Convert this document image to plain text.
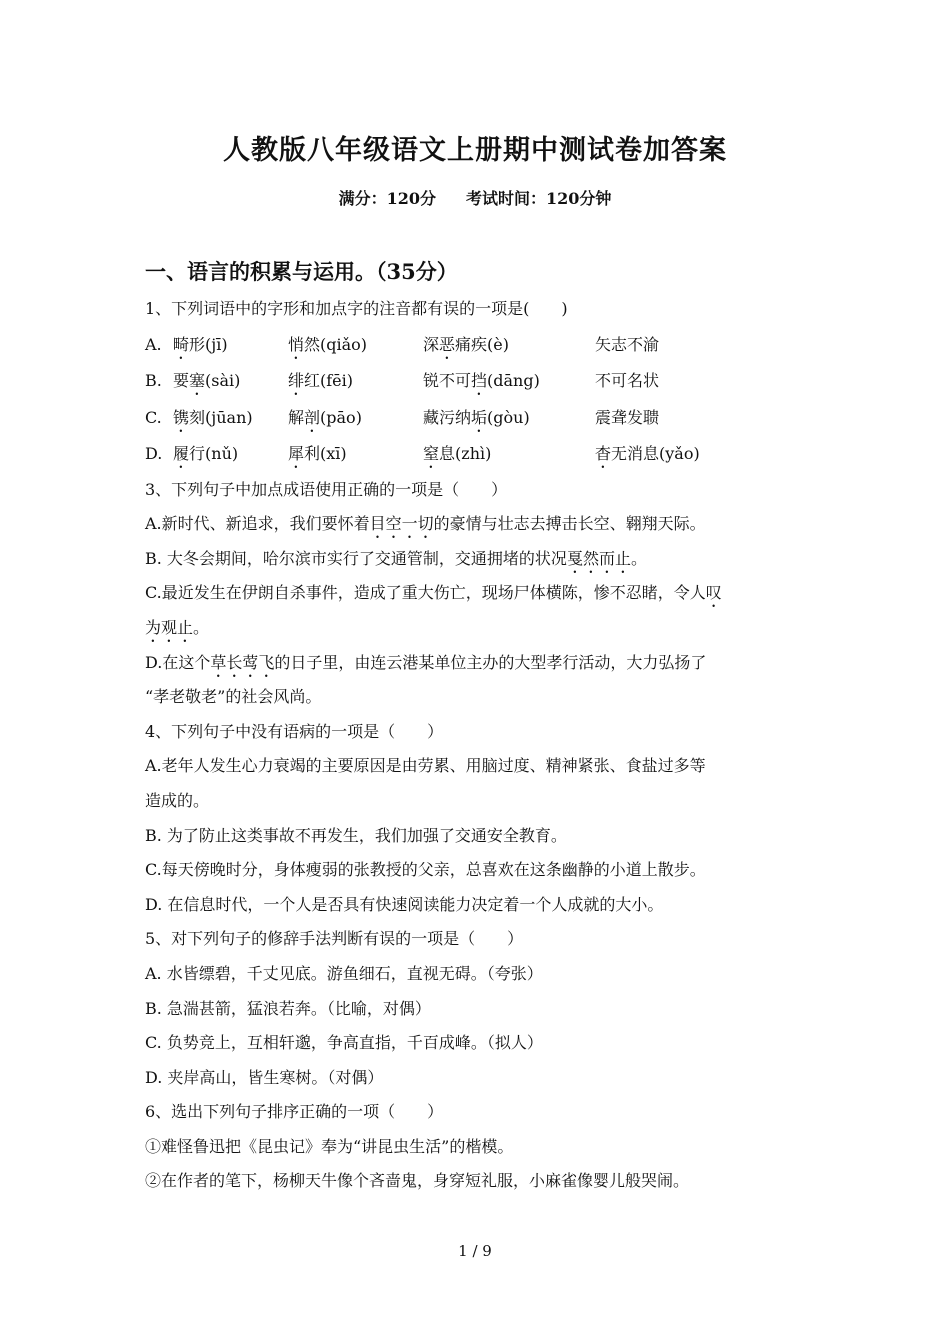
人教版八年级语文上册期中测试卷加答案
满分：120分 考试时间：120分钟
一、语言的积累与运用。（35分）
1、下列词语中的字形和加点字的注音都有误的一项是(　　)
A. 畸形(jī)	悄然(qiǎo)	深恶痛疾(è)	矢志不渝
B. 要塞(sài)	绯红(fēi)	锐不可挡(dāng)	不可名状
C. 镌刻(jūan)	解剖(pāo)	藏污纳垢(gòu)	震聋发聩
D. 履行(nǔ)	犀利(xī)	窒息(zhì)	杳无消息(yǎo)
3、下列句子中加点成语使用正确的一项是（　　）
A.新时代、新追求，我们要怀着目空一切的豪情与壮志去搏击长空、翱翔天际。
B. 大冬会期间，哈尔滨市实行了交通管制，交通拥堵的状况戛然而止。
C.最近发生在伊朗自杀事件，造成了重大伤亡，现场尸体横陈，惨不忍睹，令人叹
为观止。
D.在这个草长莺飞的日子里，由连云港某单位主办的大型孝行活动，大力弘扬了
“孝老敬老”的社会风尚。
4、下列句子中没有语病的一项是（　　）
A.老年人发生心力衰竭的主要原因是由劳累、用脑过度、精神紧张、食盐过多等
造成的。
B. 为了防止这类事故不再发生，我们加强了交通安全教育。
C.每天傍晚时分，身体瘦弱的张教授的父亲，总喜欢在这条幽静的小道上散步。
D. 在信息时代，一个人是否具有快速阅读能力决定着一个人成就的大小。
5、对下列句子的修辞手法判断有误的一项是（　　）
A. 水皆缥碧，千丈见底。游鱼细石，直视无碍。（夸张）
B. 急湍甚箭，猛浪若奔。（比喻，对偶）
C. 负势竞上，互相轩邈，争高直指，千百成峰。（拟人）
D. 夹岸高山，皆生寒树。（对偶）
6、选出下列句子排序正确的一项（　　）
①难怪鲁迅把《昆虫记》奉为“讲昆虫生活”的楷模。
②在作者的笔下，杨柳天牛像个吝啬鬼，身穿短礼服，小麻雀像婴儿般哭闹。
1 / 9
